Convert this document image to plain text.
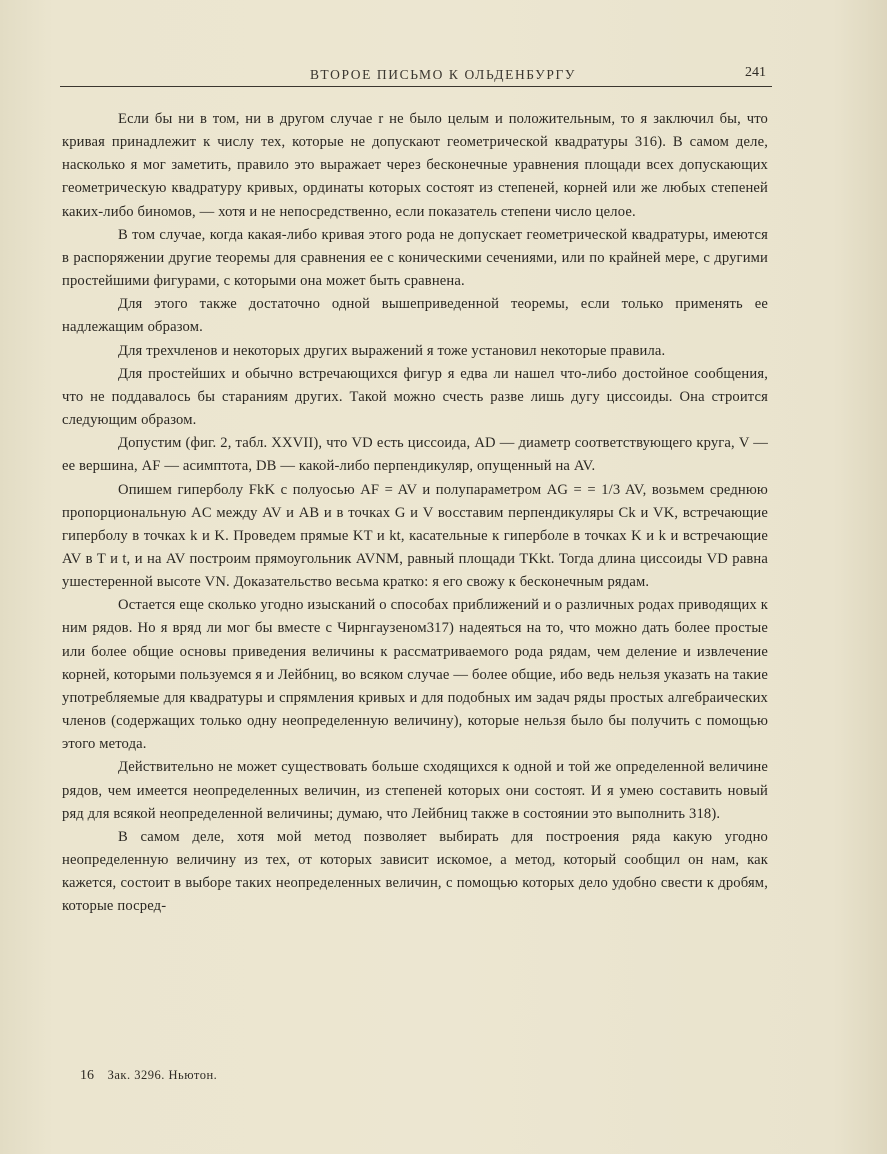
ВТОРОЕ ПИСЬМО К ОЛЬДЕНБУРГУ	241

Если бы ни в том, ни в другом случае r не было целым и положительным, то я заключил бы, что кривая принадлежит к числу тех, которые не допускают геометрической квадратуры 316). В самом деле, насколько я мог заметить, правило это выражает через бесконечные уравнения площади всех допускающих геометрическую квадратуру кривых, ординаты которых состоят из степеней, корней или же любых степеней каких-либо биномов, — хотя и не непосредственно, если показатель степени число целое.

В том случае, когда какая-либо кривая этого рода не допускает геометрической квадратуры, имеются в распоряжении другие теоремы для сравнения ее с коническими сечениями, или по крайней мере, с другими простейшими фигурами, с которыми она может быть сравнена.

Для этого также достаточно одной вышеприведенной теоремы, если только применять ее надлежащим образом.

Для трехчленов и некоторых других выражений я тоже установил некоторые правила.

Для простейших и обычно встречающихся фигур я едва ли нашел что-либо достойное сообщения, что не поддавалось бы стараниям других. Такой можно счесть разве лишь дугу циссоиды. Она строится следующим образом.

Допустим (фиг. 2, табл. XXVII), что VD есть циссоида, AD — диаметр соответствующего круга, V — ее вершина, AF — асимптота, DB — какой-либо перпендикуляр, опущенный на AV.

Опишем гиперболу FkK с полуосью AF = AV и полупараметром AG = = 1/3 AV, возьмем среднюю пропорциональную AC между AV и AB и в точках G и V восставим перпендикуляры Ck и VK, встречающие гиперболу в точках k и K. Проведем прямые KT и kt, касательные к гиперболе в точках K и k и встречающие AV в T и t, и на AV построим прямоугольник AVNM, равный площади TKkt. Тогда длина циссоиды VD равна ушестеренной высоте VN. Доказательство весьма кратко: я его свожу к бесконечным рядам.

Остается еще сколько угодно изысканий о способах приближений и о различных родах приводящих к ним рядов. Но я вряд ли мог бы вместе с Чирнгаузеном317) надеяться на то, что можно дать более простые или более общие основы приведения величины к рассматриваемого рода рядам, чем деление и извлечение корней, которыми пользуемся я и Лейбниц, во всяком случае — более общие, ибо ведь нельзя указать на такие употребляемые для квадратуры и спрямления кривых и для подобных им задач ряды простых алгебраических членов (содержащих только одну неопределенную величину), которые нельзя было бы получить с помощью этого метода.

Действительно не может существовать больше сходящихся к одной и той же определенной величине рядов, чем имеется неопределенных величин, из степеней которых они состоят. И я умею составить новый ряд для всякой неопределенной величины; думаю, что Лейбниц также в состоянии это выполнить 318).

В самом деле, хотя мой метод позволяет выбирать для построения ряда какую угодно неопределенную величину из тех, от которых зависит искомое, а метод, который сообщил он нам, как кажется, состоит в выборе таких неопределенных величин, с помощью которых дело удобно свести к дробям, которые посред-

16 Зак. 3296. Ньютон.
